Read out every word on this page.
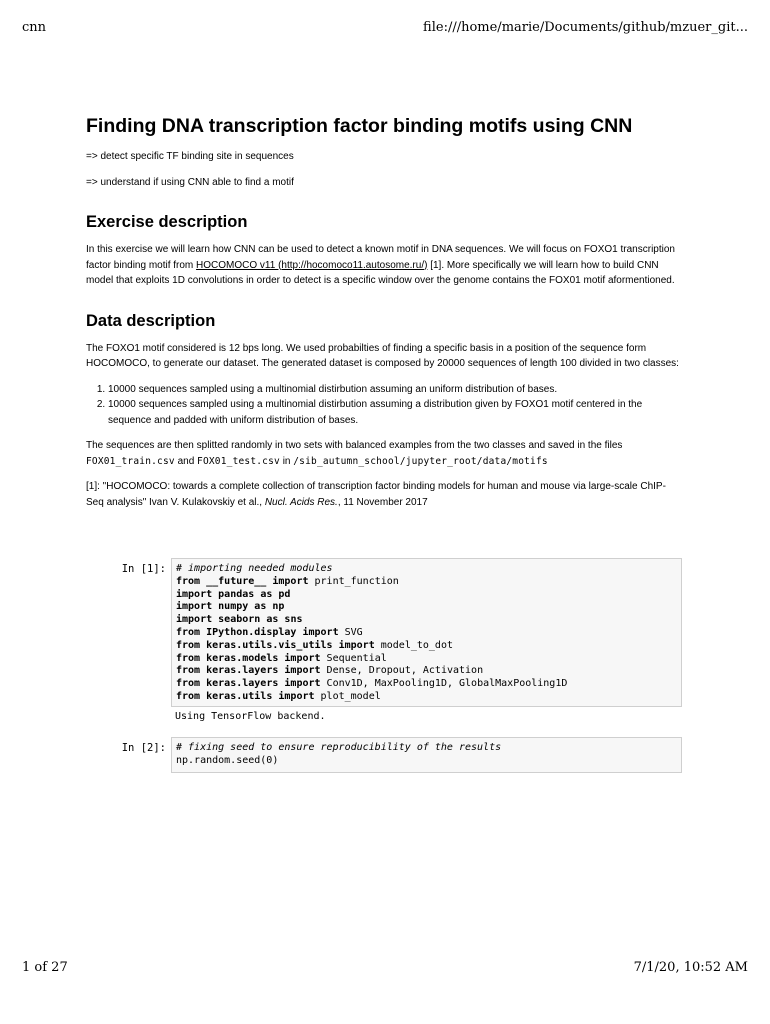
cnn	file:///home/marie/Documents/github/mzuer_git...
Finding DNA transcription factor binding motifs using CNN
=> detect specific TF binding site in sequences
=> understand if using CNN able to find a motif
Exercise description

In this exercise we will learn how CNN can be used to detect a known motif in DNA sequences. We will focus on FOXO1 transcription factor binding motif from HOCOMOCO v11 (http://hocomoco11.autosome.ru/) [1]. More specifically we will learn how to build CNN model that exploits 1D convolutions in order to detect is a specific window over the genome contains the FOX01 motif aformentioned.

Data description

The FOXO1 motif considered is 12 bps long. We used probabilties of finding a specific basis in a position of the sequence form HOCOMOCO, to generate our dataset. The generated dataset is composed by 20000 sequences of length 100 divided in two classes:

1. 10000 sequences sampled using a multinomial distirbution assuming an uniform distribution of bases.
2. 10000 sequences sampled using a multinomial distirbution assuming a distribution given by FOXO1 motif centered in the sequence and padded with uniform distribution of bases.

The sequences are then splitted randomly in two sets with balanced examples from the two classes and saved in the files FOX01_train.csv and FOX01_test.csv in /sib_autumn_school/jupyter_root/data/motifs

[1]: "HOCOMOCO: towards a complete collection of transcription factor binding models for human and mouse via large-scale ChIP-Seq analysis" Ivan V. Kulakovskiy et al., Nucl. Acids Res., 11 November 2017

In [1]: # importing needed modules
from __future__ import print_function
import pandas as pd
import numpy as np
import seaborn as sns
from IPython.display import SVG
from keras.utils.vis_utils import model_to_dot
from keras.models import Sequential
from keras.layers import Dense, Dropout, Activation
from keras.layers import Conv1D, MaxPooling1D, GlobalMaxPooling1D
from keras.utils import plot_model
Using TensorFlow backend.
In [2]: # fixing seed to ensure reproducibility of the results
np.random.seed(0)
1 of 27	7/1/20, 10:52 AM
